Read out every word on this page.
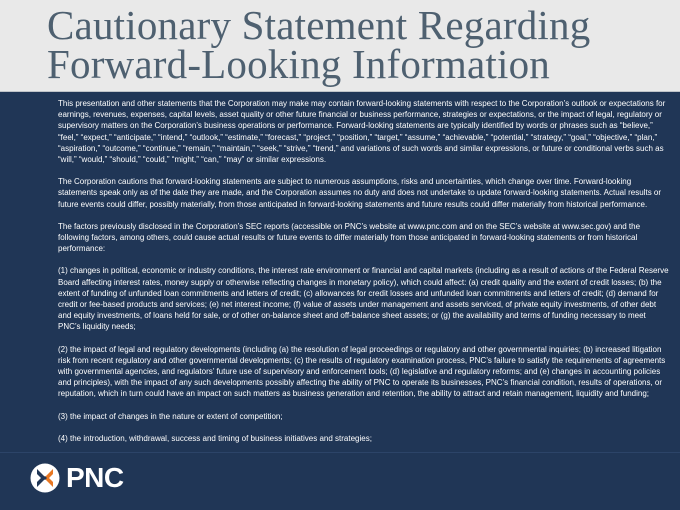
Cautionary Statement Regarding
Forward-Looking Information

This presentation and other statements that the Corporation may make may contain forward-looking statements with respect to the Corporation’s outlook or expectations for earnings, revenues, expenses, capital levels, asset quality or other future financial or business performance, strategies or expectations, or the impact of legal, regulatory or supervisory matters on the Corporation’s business operations or performance. Forward-looking statements are typically identified by words or phrases such as “believe,” “feel,” “expect,” “anticipate,” “intend,” “outlook,” “estimate,” “forecast,” “project,” “position,” “target,” “assume,” “achievable,” “potential,” “strategy,” “goal,” “objective,” “plan,” “aspiration,” “outcome,” “continue,” “remain,” “maintain,” “seek,” “strive,” “trend,” and variations of such words and similar expressions, or future or conditional verbs such as “will,” “would,” “should,” “could,” “might,” “can,” “may” or similar expressions.

The Corporation cautions that forward-looking statements are subject to numerous assumptions, risks and uncertainties, which change over time. Forward-looking statements speak only as of the date they are made, and the Corporation assumes no duty and does not undertake to update forward-looking statements. Actual results or future events could differ, possibly materially, from those anticipated in forward-looking statements and future results could differ materially from historical performance.

The factors previously disclosed in the Corporation’s SEC reports (accessible on PNC’s website at www.pnc.com and on the SEC’s website at www.sec.gov) and the following factors, among others, could cause actual results or future events to differ materially from those anticipated in forward-looking statements or from historical performance:

(1) changes in political, economic or industry conditions, the interest rate environment or financial and capital markets (including as a result of actions of the Federal Reserve Board affecting interest rates, money supply or otherwise reflecting changes in monetary policy), which could affect: (a) credit quality and the extent of credit losses; (b) the extent of funding of unfunded loan commitments and letters of credit; (c) allowances for credit losses and unfunded loan commitments and letters of credit; (d) demand for credit or fee-based products and services; (e) net interest income; (f) value of assets under management and assets serviced, of private equity investments, of other debt and equity investments, of loans held for sale, or of other on-balance sheet and off-balance sheet assets; or (g) the availability and terms of funding necessary to meet PNC’s liquidity needs;

(2) the impact of legal and regulatory developments (including (a) the resolution of legal proceedings or regulatory and other governmental inquiries; (b) increased litigation risk from recent regulatory and other governmental developments; (c) the results of regulatory examination process, PNC’s failure to satisfy the requirements of agreements with governmental agencies, and regulators’ future use of supervisory and enforcement tools; (d) legislative and regulatory reforms; and (e) changes in accounting policies and principles), with the impact of any such developments possibly affecting the ability of PNC to operate its businesses, PNC’s financial condition, results of operations, or reputation, which in turn could have an impact on such matters as business generation and retention, the ability to attract and retain management, liquidity and funding;

(3) the impact of changes in the nature or extent of competition;

(4) the introduction, withdrawal, success and timing of business initiatives and strategies;

PNC
